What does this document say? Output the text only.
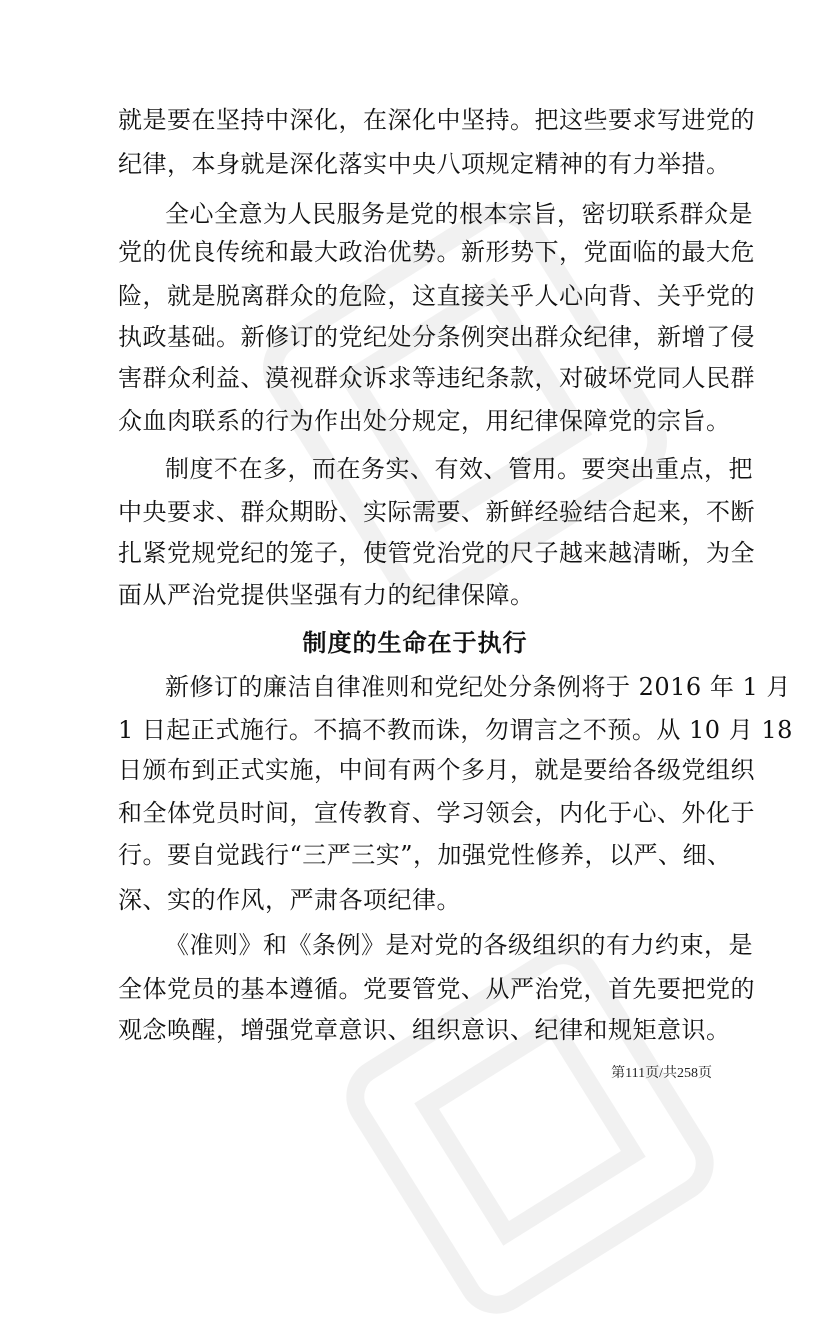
就是要在坚持中深化，在深化中坚持。把这些要求写进党的
纪律，本身就是深化落实中央八项规定精神的有力举措。
全心全意为人民服务是党的根本宗旨，密切联系群众是
党的优良传统和最大政治优势。新形势下，党面临的最大危
险，就是脱离群众的危险，这直接关乎人心向背、关乎党的
执政基础。新修订的党纪处分条例突出群众纪律，新增了侵
害群众利益、漠视群众诉求等违纪条款，对破坏党同人民群
众血肉联系的行为作出处分规定，用纪律保障党的宗旨。
制度不在多，而在务实、有效、管用。要突出重点，把
中央要求、群众期盼、实际需要、新鲜经验结合起来，不断
扎紧党规党纪的笼子，使管党治党的尺子越来越清晰，为全
面从严治党提供坚强有力的纪律保障。
制度的生命在于执行
新修订的廉洁自律准则和党纪处分条例将于 2016 年 1 月
1 日起正式施行。不搞不教而诛，勿谓言之不预。从 10 月 18
日颁布到正式实施，中间有两个多月，就是要给各级党组织
和全体党员时间，宣传教育、学习领会，内化于心、外化于
行。要自觉践行“三严三实”，加强党性修养，以严、细、
深、实的作风，严肃各项纪律。
《准则》和《条例》是对党的各级组织的有力约束，是
全体党员的基本遵循。党要管党、从严治党，首先要把党的
观念唤醒，增强党章意识、组织意识、纪律和规矩意识。
第111页/共258页
